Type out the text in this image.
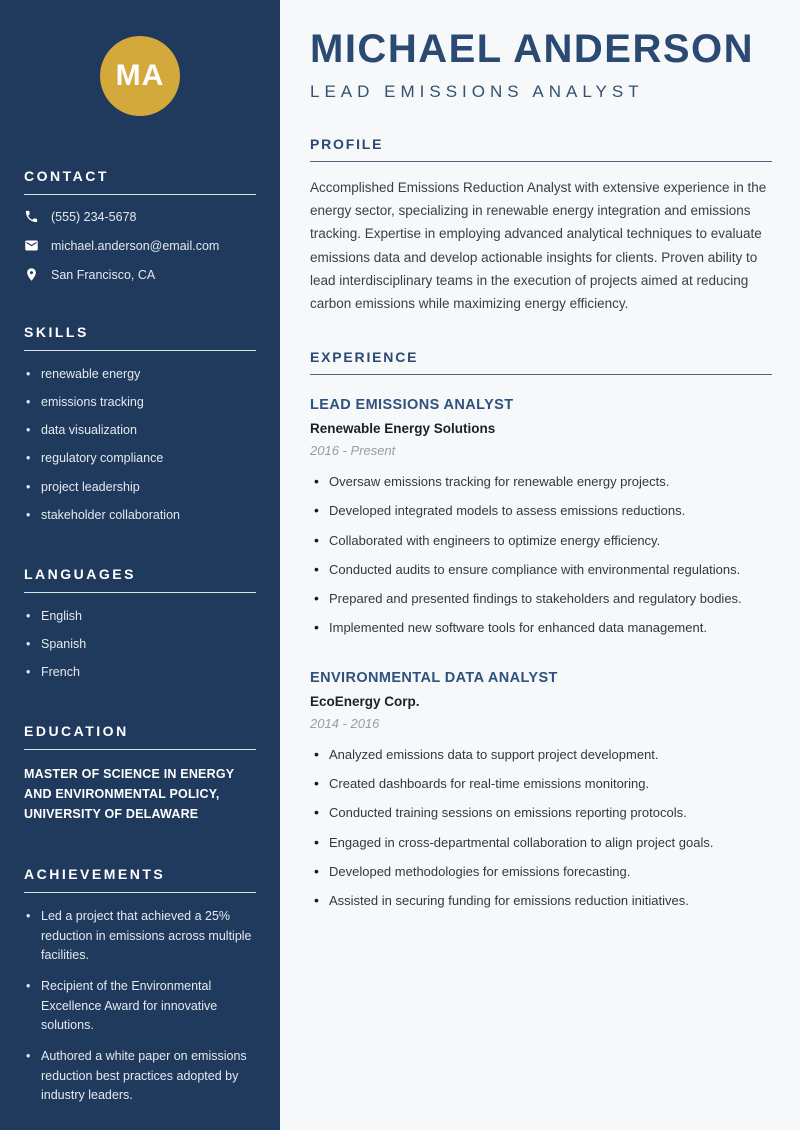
MA
CONTACT
(555) 234-5678
michael.anderson@email.com
San Francisco, CA
SKILLS
• renewable energy
• emissions tracking
• data visualization
• regulatory compliance
• project leadership
• stakeholder collaboration
LANGUAGES
• English
• Spanish
• French
EDUCATION

MASTER OF SCIENCE IN ENERGY AND ENVIRONMENTAL POLICY, UNIVERSITY OF DELAWARE

ACHIEVEMENTS
• Led a project that achieved a 25% reduction in emissions across multiple facilities.
• Recipient of the Environmental Excellence Award for innovative solutions.
• Authored a white paper on emissions reduction best practices adopted by industry leaders.
MICHAEL ANDERSON
LEAD EMISSIONS ANALYST
PROFILE

Accomplished Emissions Reduction Analyst with extensive experience in the energy sector, specializing in renewable energy integration and emissions tracking. Expertise in employing advanced analytical techniques to evaluate emissions data and develop actionable insights for clients. Proven ability to lead interdisciplinary teams in the execution of projects aimed at reducing carbon emissions while maximizing energy efficiency.

EXPERIENCE
LEAD EMISSIONS ANALYST
Renewable Energy Solutions
2016 - Present
• Oversaw emissions tracking for renewable energy projects.
• Developed integrated models to assess emissions reductions.
• Collaborated with engineers to optimize energy efficiency.
• Conducted audits to ensure compliance with environmental regulations.
• Prepared and presented findings to stakeholders and regulatory bodies.
• Implemented new software tools for enhanced data management.
ENVIRONMENTAL DATA ANALYST
EcoEnergy Corp.
2014 - 2016
• Analyzed emissions data to support project development.
• Created dashboards for real-time emissions monitoring.
• Conducted training sessions on emissions reporting protocols.
• Engaged in cross-departmental collaboration to align project goals.
• Developed methodologies for emissions forecasting.
• Assisted in securing funding for emissions reduction initiatives.
